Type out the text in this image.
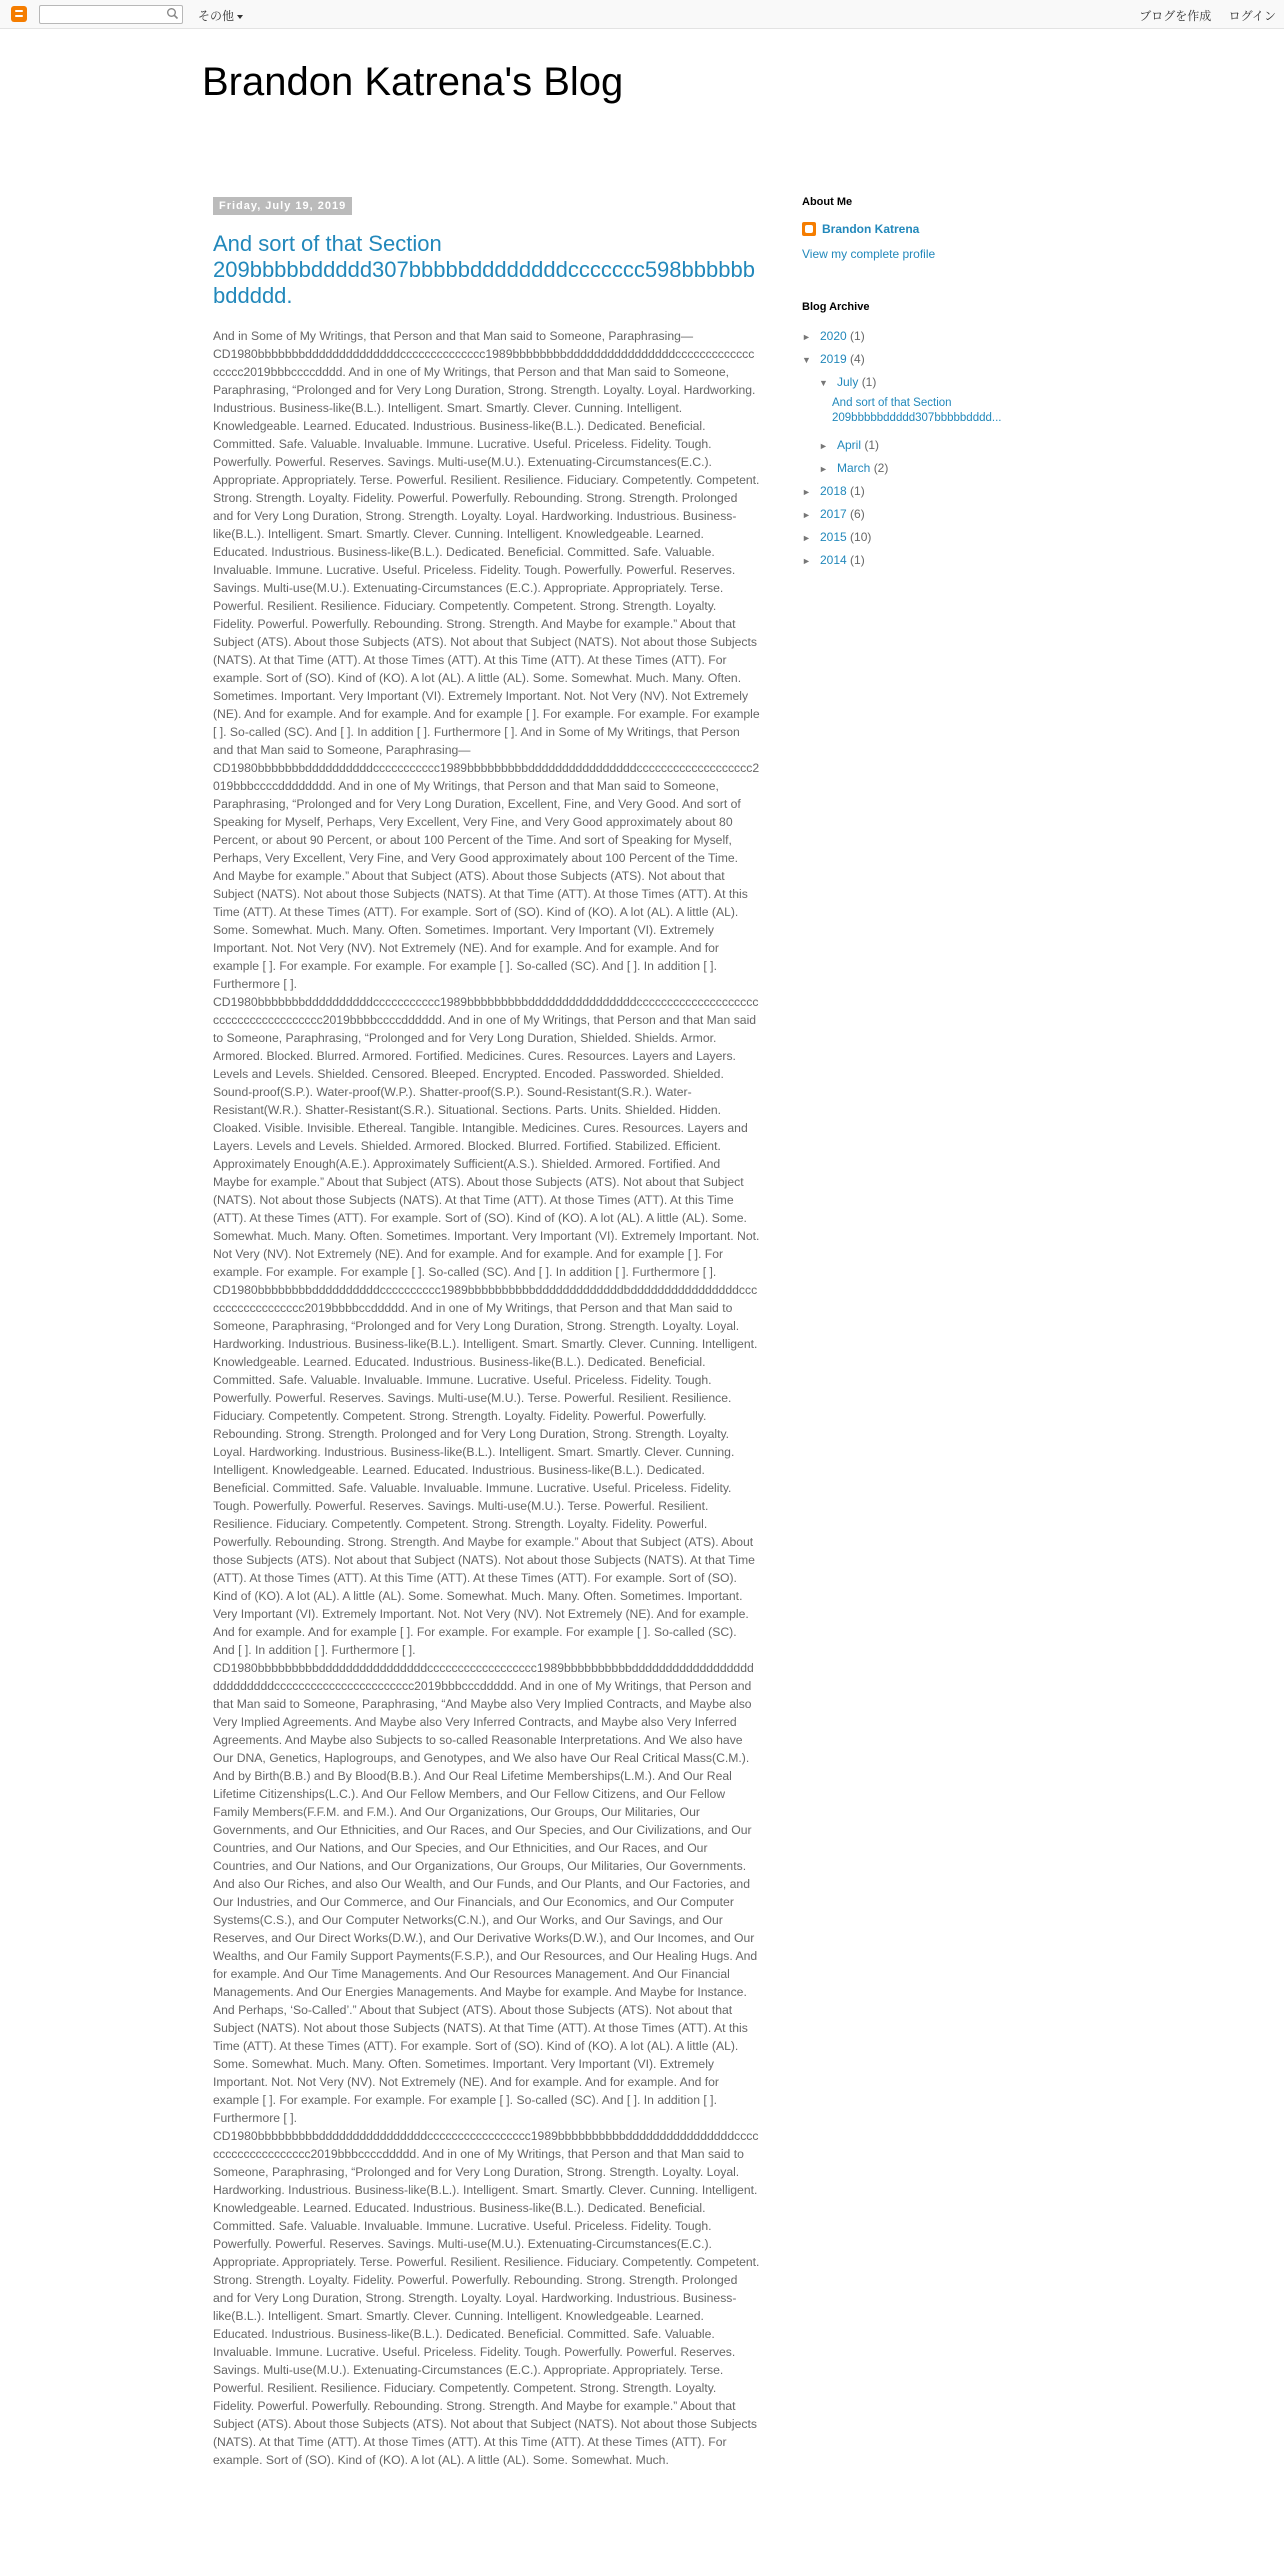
その他	ブログを作成 ログイン
Brandon Katrena's Blog
Friday, July 19, 2019
And sort of that Section 209bbbbbddddd307bbbbbddddddddccccccc598bbbbbbbddddd.
And in Some of My Writings, that Person and that Man said to Someone, Paraphrasing—CD1980bbbbbbbddddddddddddddcccccccccccccc1989bbbbbbbbddddddddddddddddcccccccccccccccccc2019bbbccccdddd. And in one of My Writings, that Person and that Man said to Someone, Paraphrasing, “Prolonged and for Very Long Duration, Strong. Strength. Loyalty. Loyal. Hardworking. Industrious. Business-like(B.L.). Intelligent. Smart. Smartly. Clever. Cunning. Intelligent. Knowledgeable. Learned. Educated. Industrious. Business-like(B.L.). Dedicated. Beneficial. Committed. Safe. Valuable. Invaluable. Immune. Lucrative. Useful. Priceless. Fidelity. Tough. Powerfully. Powerful. Reserves. Savings. Multi-use(M.U.). Extenuating-Circumstances(E.C.). Appropriate. Appropriately. Terse. Powerful. Resilient. Resilience. Fiduciary. Competently. Competent. Strong. Strength. Loyalty. Fidelity. Powerful. Powerfully. Rebounding. Strong. Strength. Prolonged and for Very Long Duration, Strong. Strength. Loyalty. Loyal. Hardworking. Industrious. Business-like(B.L.). Intelligent. Smart. Smartly. Clever. Cunning. Intelligent. Knowledgeable. Learned. Educated. Industrious. Business-like(B.L.). Dedicated. Beneficial. Committed. Safe. Valuable. Invaluable. Immune. Lucrative. Useful. Priceless. Fidelity. Tough. Powerfully. Powerful. Reserves. Savings. Multi-use(M.U.). Extenuating-Circumstances (E.C.). Appropriate. Appropriately. Terse. Powerful. Resilient. Resilience. Fiduciary. Competently. Competent. Strong. Strength. Loyalty. Fidelity. Powerful. Powerfully. Rebounding. Strong. Strength. And Maybe for example.” About that Subject (ATS). About those Subjects (ATS). Not about that Subject (NATS). Not about those Subjects (NATS). At that Time (ATT). At those Times (ATT). At this Time (ATT). At these Times (ATT). For example. Sort of (SO). Kind of (KO). A lot (AL). A little (AL). Some. Somewhat. Much. Many. Often. Sometimes. Important. Very Important (VI). Extremely Important. Not. Not Very (NV). Not Extremely (NE). And for example. And for example. And for example [ ]. For example. For example. For example [ ]. So-called (SC). And [ ]. In addition [ ]. Furthermore [ ]. And in Some of My Writings, that Person and that Man said to Someone, Paraphrasing—CD1980bbbbbbbddddddddddccccccccccc1989bbbbbbbbbddddddddddddddddccccccccccccccccccc2019bbbccccdddddddd. And in one of My Writings, that Person and that Man said to Someone, Paraphrasing, “Prolonged and for Very Long Duration, Excellent, Fine, and Very Good. And sort of Speaking for Myself, Perhaps, Very Excellent, Very Fine, and Very Good approximately about 80 Percent, or about 90 Percent, or about 100 Percent of the Time. And sort of Speaking for Myself, Perhaps, Very Excellent, Very Fine, and Very Good approximately about 100 Percent of the Time. And Maybe for example.” About that Subject (ATS). About those Subjects (ATS). Not about that Subject (NATS). Not about those Subjects (NATS). At that Time (ATT). At those Times (ATT). At this Time (ATT). At these Times (ATT). For example. Sort of (SO). Kind of (KO). A lot (AL). A little (AL). Some. Somewhat. Much. Many. Often. Sometimes. Important. Very Important (VI). Extremely Important. Not. Not Very (NV). Not Extremely (NE). And for example. And for example. And for example [ ]. For example. For example. For example [ ]. So-called (SC). And [ ]. In addition [ ]. Furthermore [ ]. CD1980bbbbbbbddddddddddccccccccccc1989bbbbbbbbbddddddddddddddddcccccccccccccccccccccccccccccccccccccc2019bbbbccccdddddd. And in one of My Writings, that Person and that Man said to Someone, Paraphrasing, “Prolonged and for Very Long Duration, Shielded. Shields. Armor. Armored. Blocked. Blurred. Armored. Fortified. Medicines. Cures. Resources. Layers and Layers. Levels and Levels. Shielded. Censored. Bleeped. Encrypted. Encoded. Passworded. Shielded. Sound-proof(S.P.). Water-proof(W.P.). Shatter-proof(S.P.). Sound-Resistant(S.R.). Water-Resistant(W.R.). Shatter-Resistant(S.R.). Situational. Sections. Parts. Units. Shielded. Hidden. Cloaked. Visible. Invisible. Ethereal. Tangible. Intangible. Medicines. Cures. Resources. Layers and Layers. Levels and Levels. Shielded. Armored. Blocked. Blurred. Fortified. Stabilized. Efficient. Approximately Enough(A.E.). Approximately Sufficient(A.S.). Shielded. Armored. Fortified. And Maybe for example.” About that Subject (ATS). About those Subjects (ATS). Not about that Subject (NATS). Not about those Subjects (NATS). At that Time (ATT). At those Times (ATT). At this Time (ATT). At these Times (ATT). For example. Sort of (SO). Kind of (KO). A lot (AL). A little (AL). Some. Somewhat. Much. Many. Often. Sometimes. Important. Very Important (VI). Extremely Important. Not. Not Very (NV). Not Extremely (NE). And for example. And for example. And for example [ ]. For example. For example. For example [ ]. So-called (SC). And [ ]. In addition [ ]. Furthermore [ ]. CD1980bbbbbbbbddddddddddcccccccccc1989bbbbbbbbbbdddddddddddddbddddddddddddddddcccccccccccccccccc2019bbbbccddddd. And in one of My Writings, that Person and that Man said to Someone, Paraphrasing, “Prolonged and for Very Long Duration, Strong. Strength. Loyalty. Loyal. Hardworking. Industrious. Business-like(B.L.). Intelligent. Smart. Smartly. Clever. Cunning. Intelligent. Knowledgeable. Learned. Educated. Industrious. Business-like(B.L.). Dedicated. Beneficial. Committed. Safe. Valuable. Invaluable. Immune. Lucrative. Useful. Priceless. Fidelity. Tough. Powerfully. Powerful. Reserves. Savings. Multi-use(M.U.). Terse. Powerful. Resilient. Resilience. Fiduciary. Competently. Competent. Strong. Strength. Loyalty. Fidelity. Powerful. Powerfully. Rebounding. Strong. Strength. Prolonged and for Very Long Duration, Strong. Strength. Loyalty. Loyal. Hardworking. Industrious. Business-like(B.L.). Intelligent. Smart. Smartly. Clever. Cunning. Intelligent. Knowledgeable. Learned. Educated. Industrious. Business-like(B.L.). Dedicated. Beneficial. Committed. Safe. Valuable. Invaluable. Immune. Lucrative. Useful. Priceless. Fidelity. Tough. Powerfully. Powerful. Reserves. Savings. Multi-use(M.U.). Terse. Powerful. Resilient. Resilience. Fiduciary. Competently. Competent. Strong. Strength. Loyalty. Fidelity. Powerful. Powerfully. Rebounding. Strong. Strength. And Maybe for example.” About that Subject (ATS). About those Subjects (ATS). Not about that Subject (NATS). Not about those Subjects (NATS). At that Time (ATT). At those Times (ATT). At this Time (ATT). At these Times (ATT). For example. Sort of (SO). Kind of (KO). A lot (AL). A little (AL). Some. Somewhat. Much. Many. Often. Sometimes. Important. Very Important (VI). Extremely Important. Not. Not Very (NV). Not Extremely (NE). And for example. And for example. And for example [ ]. For example. For example. For example [ ]. So-called (SC). And [ ]. In addition [ ]. Furthermore [ ]. CD1980bbbbbbbbbddddddddddddddddcccccccccccccccccc1989bbbbbbbbbbdddddddddddddddddddddddddddccccccccccccccccccccccc2019bbbcccddddd. And in one of My Writings, that Person and that Man said to Someone, Paraphrasing, “And Maybe also Very Implied Contracts, and Maybe also Very Implied Agreements. And Maybe also Very Inferred Contracts, and Maybe also Very Inferred Agreements. And Maybe also Subjects to so-called Reasonable Interpretations. And We also have Our DNA, Genetics, Haplogroups, and Genotypes, and We also have Our Real Critical Mass(C.M.). And by Birth(B.B.) and By Blood(B.B.). And Our Real Lifetime Memberships(L.M.). And Our Real Lifetime Citizenships(L.C.). And Our Fellow Members, and Our Fellow Citizens, and Our Fellow Family Members(F.F.M. and F.M.). And Our Organizations, Our Groups, Our Militaries, Our Governments, and Our Ethnicities, and Our Races, and Our Species, and Our Civilizations, and Our Countries, and Our Nations, and Our Species, and Our Ethnicities, and Our Races, and Our Countries, and Our Nations, and Our Organizations, Our Groups, Our Militaries, Our Governments. And also Our Riches, and also Our Wealth, and Our Funds, and Our Plants, and Our Factories, and Our Industries, and Our Commerce, and Our Financials, and Our Economics, and Our Computer Systems(C.S.), and Our Computer Networks(C.N.), and Our Works, and Our Savings, and Our Reserves, and Our Direct Works(D.W.), and Our Derivative Works(D.W.), and Our Incomes, and Our Wealths, and Our Family Support Payments(F.S.P.), and Our Resources, and Our Healing Hugs. And for example. And Our Time Managements. And Our Resources Management. And Our Financial Managements. And Our Energies Managements. And Maybe for example. And Maybe for Instance. And Perhaps, ‘So-Called’.” About that Subject (ATS). About those Subjects (ATS). Not about that Subject (NATS). Not about those Subjects (NATS). At that Time (ATT). At those Times (ATT). At this Time (ATT). At these Times (ATT). For example. Sort of (SO). Kind of (KO). A lot (AL). A little (AL). Some. Somewhat. Much. Many. Often. Sometimes. Important. Very Important (VI). Extremely Important. Not. Not Very (NV). Not Extremely (NE). And for example. And for example. And for example [ ]. For example. For example. For example [ ]. So-called (SC). And [ ]. In addition [ ]. Furthermore [ ]. CD1980bbbbbbbbbddddddddddddddddccccccccccccccccc1989bbbbbbbbbbddddddddddddddddcccccccccccccccccccc2019bbbccccddddd. And in one of My Writings, that Person and that Man said to Someone, Paraphrasing, “Prolonged and for Very Long Duration, Strong. Strength. Loyalty. Loyal. Hardworking. Industrious. Business-like(B.L.). Intelligent. Smart. Smartly. Clever. Cunning. Intelligent. Knowledgeable. Learned. Educated. Industrious. Business-like(B.L.). Dedicated. Beneficial. Committed. Safe. Valuable. Invaluable. Immune. Lucrative. Useful. Priceless. Fidelity. Tough. Powerfully. Powerful. Reserves. Savings. Multi-use(M.U.). Extenuating-Circumstances(E.C.). Appropriate. Appropriately. Terse. Powerful. Resilient. Resilience. Fiduciary. Competently. Competent. Strong. Strength. Loyalty. Fidelity. Powerful. Powerfully. Rebounding. Strong. Strength. Prolonged and for Very Long Duration, Strong. Strength. Loyalty. Loyal. Hardworking. Industrious. Business-like(B.L.). Intelligent. Smart. Smartly. Clever. Cunning. Intelligent. Knowledgeable. Learned. Educated. Industrious. Business-like(B.L.). Dedicated. Beneficial. Committed. Safe. Valuable. Invaluable. Immune. Lucrative. Useful. Priceless. Fidelity. Tough. Powerfully. Powerful. Reserves. Savings. Multi-use(M.U.). Extenuating-Circumstances (E.C.). Appropriate. Appropriately. Terse. Powerful. Resilient. Resilience. Fiduciary. Competently. Competent. Strong. Strength. Loyalty. Fidelity. Powerful. Powerfully. Rebounding. Strong. Strength. And Maybe for example.” About that Subject (ATS). About those Subjects (ATS). Not about that Subject (NATS). Not about those Subjects (NATS). At that Time (ATT). At those Times (ATT). At this Time (ATT). At these Times (ATT). For example. Sort of (SO). Kind of (KO). A lot (AL). A little (AL). Some. Somewhat. Much.
About Me
Brandon Katrena
View my complete profile
Blog Archive
► 2020 (1)
▼ 2019 (4)
▼ July (1)
And sort of that Section 209bbbbbddddd307bbbbbdddd...
► April (1)
► March (2)
► 2018 (1)
► 2017 (6)
► 2015 (10)
► 2014 (1)
